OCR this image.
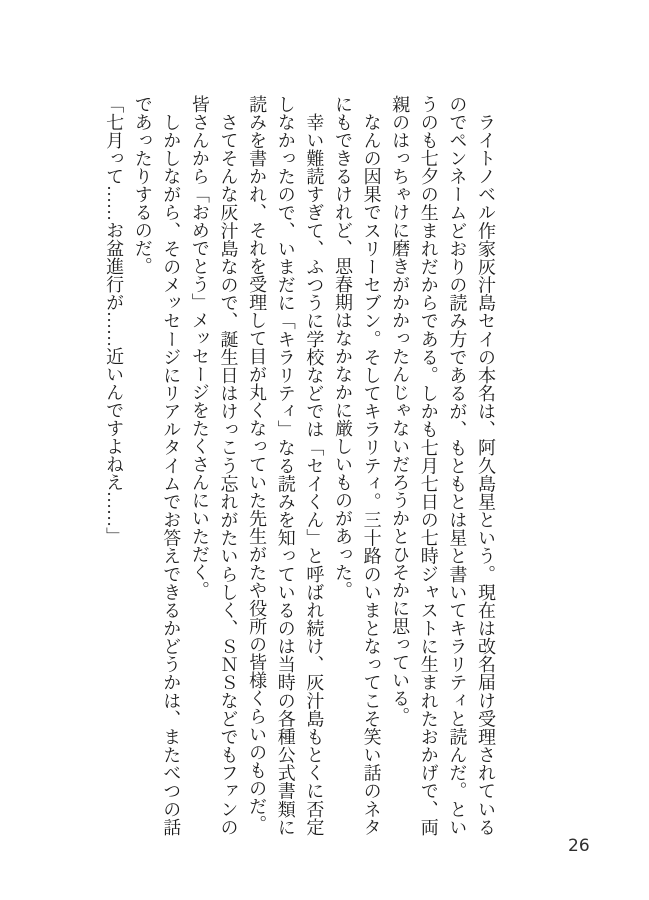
ライトノベル作家灰汁島セイの本名は、阿久島星という。現在は改名届け受理されているのでペンネームどおりの読み方であるが、もともとは星と書いてキラリティと読んだ。というのも七夕の生まれだからである。しかも七月七日の七時ジャストに生まれたおかげで、両親のはっちゃけに磨きがかかったんじゃないだろうかとひそかに思っている。

なんの因果でスリーセブン。そしてキラリティ。三十路のいまとなってこそ笑い話のネタにもできるけれど、思春期はなかなかに厳しいものがあった。

幸い難読すぎて、ふつうに学校などでは「セイくん」と呼ばれ続け、灰汁島もとくに否定しなかったので、いまだに「キラリティ」なる読みを知っているのは当時の各種公式書類に読みを書かれ、それを受理して目が丸くなっていた先生がたや役所の皆様くらいのものだ。

さてそんな灰汁島なので、誕生日はけっこう忘れがたいらしく、ＳＮＳなどでもファンの皆さんから「おめでとう」メッセージをたくさんにいただく。

しかしながら、そのメッセージにリアルタイムでお答えできるかどうかは、またべつの話であったりするのだ。

「七月って……お盆進行が……近いんですよねえ……」

26
